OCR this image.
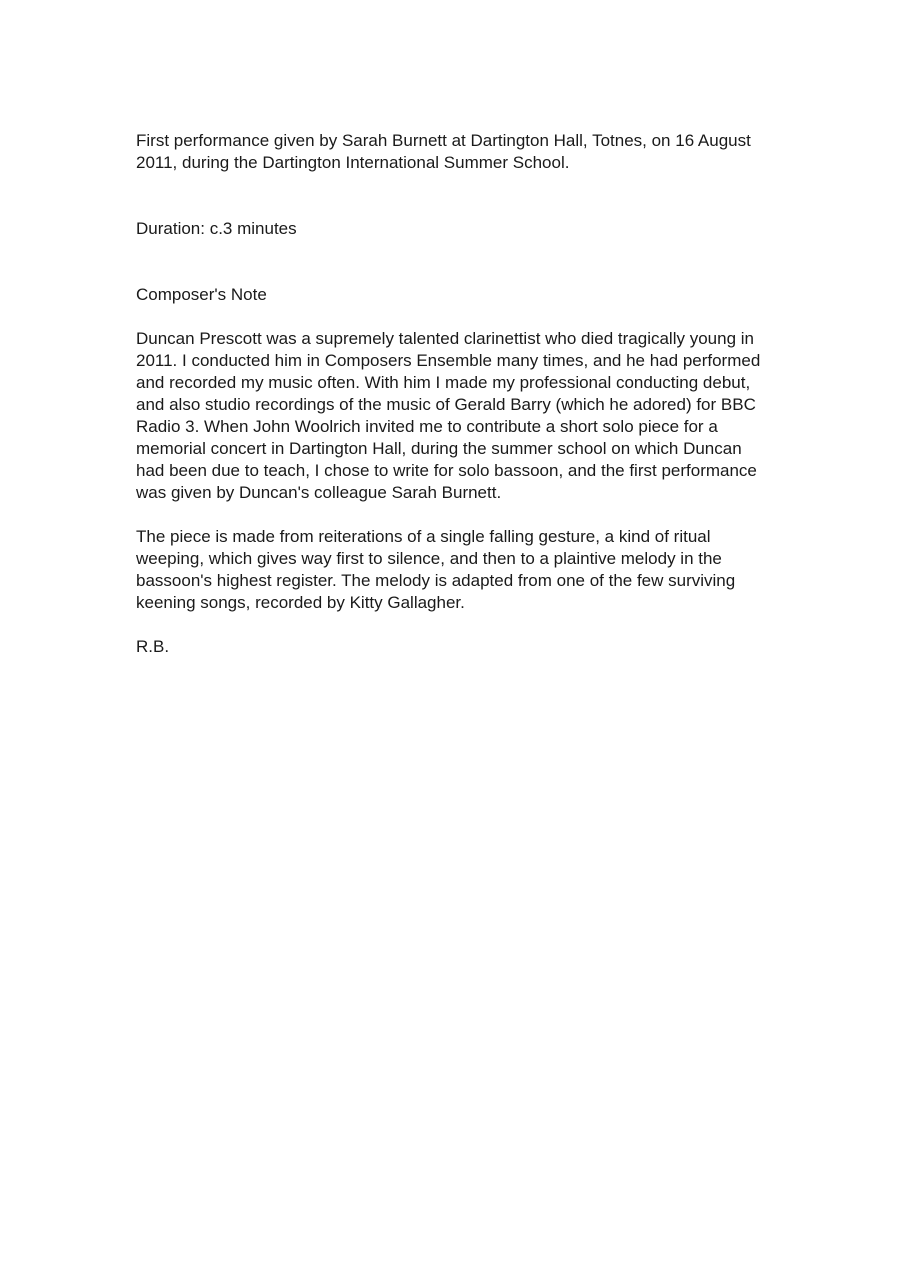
First performance given by Sarah Burnett at Dartington Hall, Totnes, on 16 August 2011, during the Dartington International Summer School.

Duration: c.3 minutes

Composer's Note

Duncan Prescott was a supremely talented clarinettist who died tragically young in 2011. I conducted him in Composers Ensemble many times, and he had performed and recorded my music often. With him I made my professional conducting debut, and also studio recordings of the music of Gerald Barry (which he adored) for BBC Radio 3. When John Woolrich invited me to contribute a short solo piece for a memorial concert in Dartington Hall, during the summer school on which Duncan had been due to teach, I chose to write for solo bassoon, and the first performance was given by Duncan's colleague Sarah Burnett.

The piece is made from reiterations of a single falling gesture, a kind of ritual weeping, which gives way first to silence, and then to a plaintive melody in the bassoon's highest register. The melody is adapted from one of the few surviving keening songs, recorded by Kitty Gallagher.

R.B.
